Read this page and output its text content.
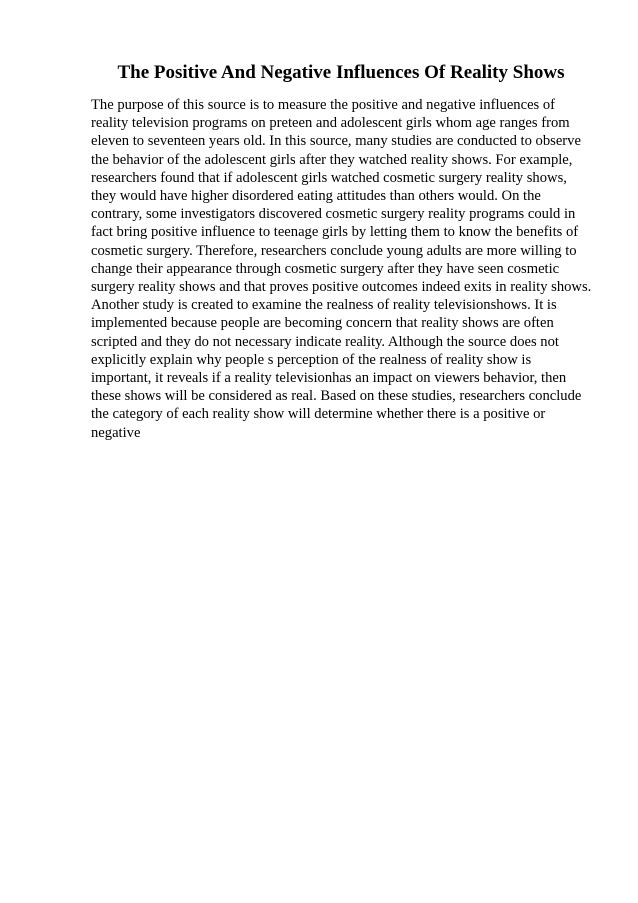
The Positive And Negative Influences Of Reality Shows
The purpose of this source is to measure the positive and negative influences of
reality television programs on preteen and adolescent girls whom age ranges from
eleven to seventeen years old. In this source, many studies are conducted to observe
the behavior of the adolescent girls after they watched reality shows. For example,
researchers found that if adolescent girls watched cosmetic surgery reality shows,
they would have higher disordered eating attitudes than others would. On the
contrary, some investigators discovered cosmetic surgery reality programs could in
fact bring positive influence to teenage girls by letting them to know the benefits of
cosmetic surgery. Therefore, researchers conclude young adults are more willing to
change their appearance through cosmetic surgery after they have seen cosmetic
surgery reality shows and that proves positive outcomes indeed exits in reality shows.
Another study is created to examine the realness of reality televisionshows. It is
implemented because people are becoming concern that reality shows are often
scripted and they do not necessary indicate reality. Although the source does not
explicitly explain why people s perception of the realness of reality show is
important, it reveals if a reality televisionhas an impact on viewers behavior, then
these shows will be considered as real. Based on these studies, researchers conclude
the category of each reality show will determine whether there is a positive or
negative
